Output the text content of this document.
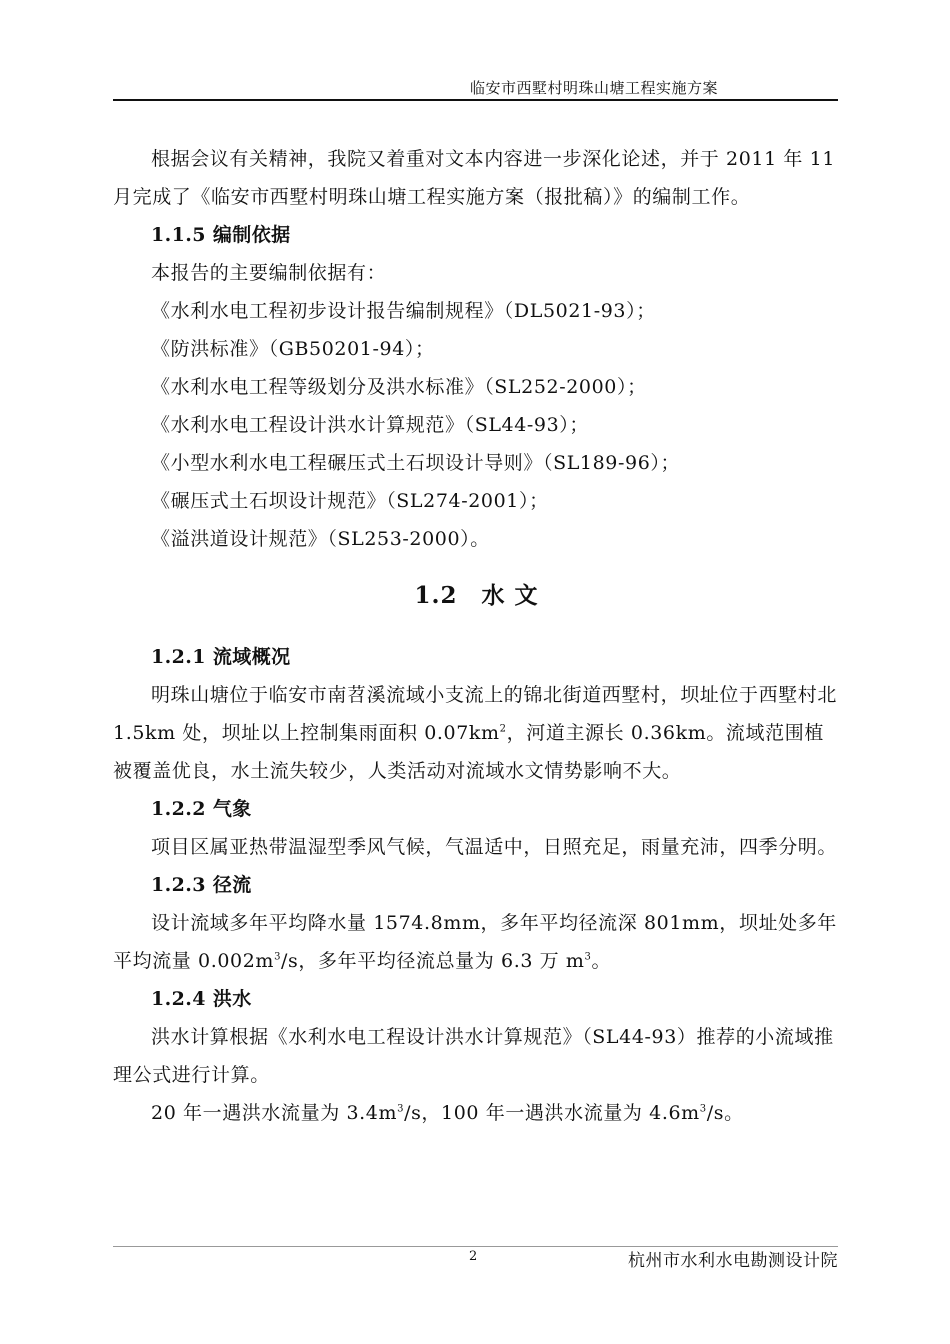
临安市西墅村明珠山塘工程实施方案

根据会议有关精神，我院又着重对文本内容进一步深化论述，并于 2011 年 11 月完成了《临安市西墅村明珠山塘工程实施方案（报批稿）》的编制工作。

1.1.5 编制依据

本报告的主要编制依据有：

《水利水电工程初步设计报告编制规程》（DL5021-93）；

《防洪标准》（GB50201-94）；

《水利水电工程等级划分及洪水标准》（SL252-2000）；

《水利水电工程设计洪水计算规范》（SL44-93）；

《小型水利水电工程碾压式土石坝设计导则》（SL189-96）；

《碾压式土石坝设计规范》（SL274-2001）；

《溢洪道设计规范》（SL253-2000）。

1.2 水 文

1.2.1 流域概况

明珠山塘位于临安市南苕溪流域小支流上的锦北街道西墅村，坝址位于西墅村北 1.5km 处，坝址以上控制集雨面积 $0.07km^2$，河道主源长 0.36km。流域范围植被覆盖优良，水土流失较少，人类活动对流域水文情势影响不大。

1.2.2 气象

项目区属亚热带温湿型季风气候，气温适中，日照充足，雨量充沛，四季分明。

1.2.3 径流

设计流域多年平均降水量 1574.8mm，多年平均径流深 801mm，坝址处多年平均流量 $0.002m^3/s$，多年平均径流总量为 6.3 万 $m^3$。

1.2.4 洪水

洪水计算根据《水利水电工程设计洪水计算规范》（SL44-93）推荐的小流域推理公式进行计算。

20 年一遇洪水流量为 $3.4m^3/s$，100 年一遇洪水流量为 $4.6m^3/s$。

2	杭州市水利水电勘测设计院
